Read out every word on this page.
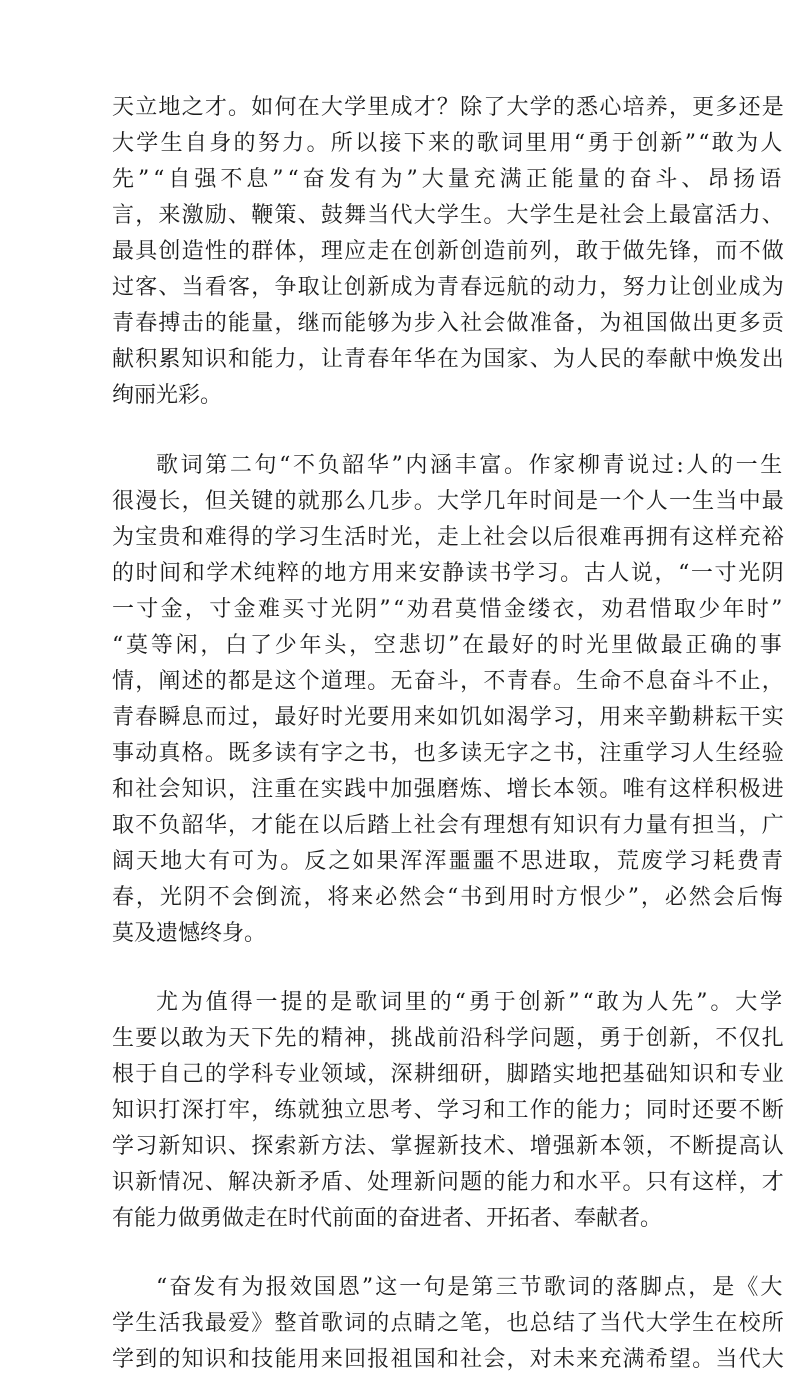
天立地之才。如何在大学里成才？除了大学的悉心培养，更多还是

大学生自身的努力。所以接下来的歌词里用“勇于创新”“敢为人

先”“自强不息”“奋发有为”大量充满正能量的奋斗、昂扬语

言，来激励、鞭策、鼓舞当代大学生。大学生是社会上最富活力、

最具创造性的群体，理应走在创新创造前列，敢于做先锋，而不做

过客、当看客，争取让创新成为青春远航的动力，努力让创业成为

青春搏击的能量，继而能够为步入社会做准备，为祖国做出更多贡

献积累知识和能力，让青春年华在为国家、为人民的奉献中焕发出

绚丽光彩。

歌词第二句“不负韶华”内涵丰富。作家柳青说过:人的一生

很漫长，但关键的就那么几步。大学几年时间是一个人一生当中最

为宝贵和难得的学习生活时光，走上社会以后很难再拥有这样充裕

的时间和学术纯粹的地方用来安静读书学习。古人说，“一寸光阴

一寸金，寸金难买寸光阴”“劝君莫惜金缕衣，劝君惜取少年时”

“莫等闲，白了少年头，空悲切”在最好的时光里做最正确的事

情，阐述的都是这个道理。无奋斗，不青春。生命不息奋斗不止，

青春瞬息而过，最好时光要用来如饥如渴学习，用来辛勤耕耘干实

事动真格。既多读有字之书，也多读无字之书，注重学习人生经验

和社会知识，注重在实践中加强磨炼、增长本领。唯有这样积极进

取不负韶华，才能在以后踏上社会有理想有知识有力量有担当，广

阔天地大有可为。反之如果浑浑噩噩不思进取，荒废学习耗费青

春，光阴不会倒流，将来必然会“书到用时方恨少”，必然会后悔

莫及遗憾终身。

尤为值得一提的是歌词里的“勇于创新”“敢为人先”。大学

生要以敢为天下先的精神，挑战前沿科学问题，勇于创新，不仅扎

根于自己的学科专业领域，深耕细研，脚踏实地把基础知识和专业

知识打深打牢，练就独立思考、学习和工作的能力；同时还要不断

学习新知识、探索新方法、掌握新技术、增强新本领，不断提高认

识新情况、解决新矛盾、处理新问题的能力和水平。只有这样，才

有能力做勇做走在时代前面的奋进者、开拓者、奉献者。

“奋发有为报效国恩”这一句是第三节歌词的落脚点，是《大

学生活我最爱》整首歌词的点睛之笔，也总结了当代大学生在校所

学到的知识和技能用来回报祖国和社会，对未来充满希望。当代大
